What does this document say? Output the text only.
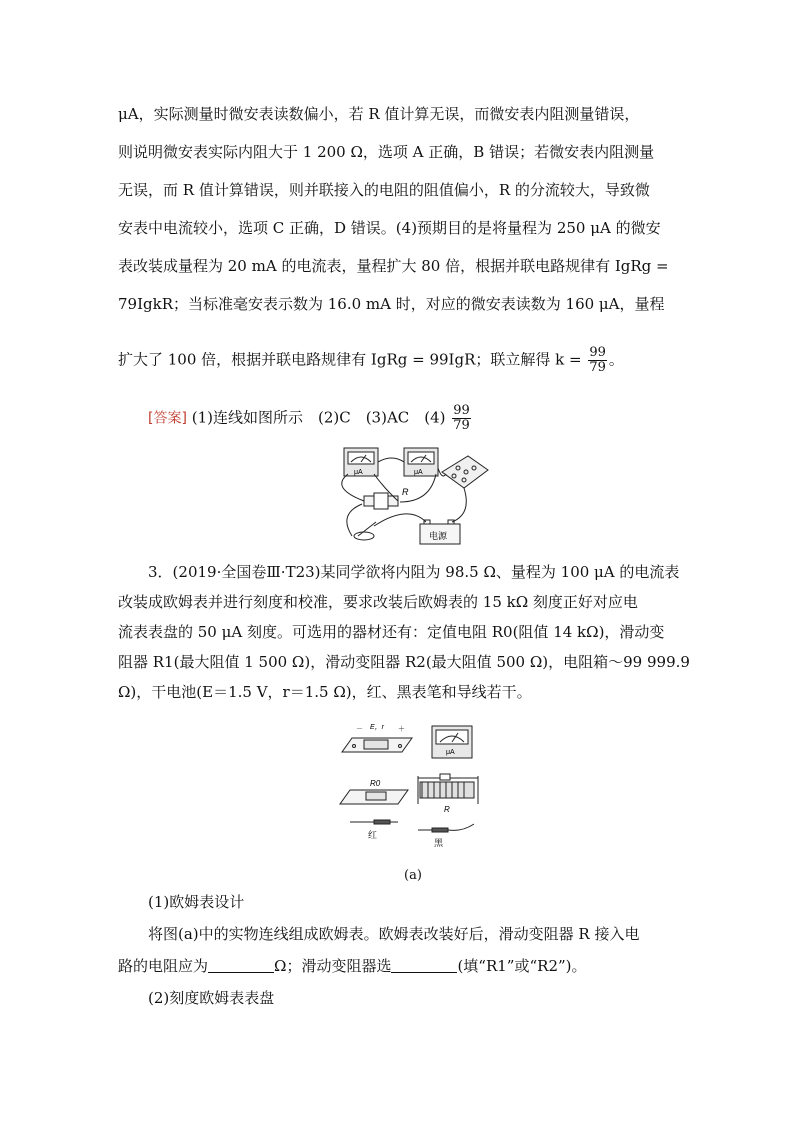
μA，实际测量时微安表读数偏小，若 R 值计算无误，而微安表内阻测量错误，
则说明微安表实际内阻大于 1 200 Ω，选项 A 正确，B 错误；若微安表内阻测量
无误，而 R 值计算错误，则并联接入的电阻的阻值偏小，R 的分流较大，导致微
安表中电流较小，选项 C 正确，D 错误。(4)预期目的是将量程为 250 μA 的微安
表改装成量程为 20 mA 的电流表，量程扩大 80 倍，根据并联电路规律有 IgRg =
79IgkR；当标准毫安表示数为 16.0 mA 时，对应的微安表读数为 160 μA，量程
扩大了 100 倍，根据并联电路规律有 IgRg = 99IgR；联立解得 $k = \frac{99}{79}$ 。
[答案] (1)连线如图所示　(2)C　(3)AC　$(4) \frac{99}{79}$
μA	μA
R
电源
3．(2019·全国卷Ⅲ·T23)某同学欲将内阻为 98.5 Ω、量程为 100 μA 的电流表
改装成欧姆表并进行刻度和校准，要求改装后欧姆表的 15 kΩ 刻度正好对应电
流表表盘的 50 μA 刻度。可选用的器材还有：定值电阻 R0(阻值 14 kΩ)，滑动变
阻器 R1(最大阻值 1 500 Ω)，滑动变阻器 R2(最大阻值 500 Ω)，电阻箱～99 999.9
Ω)，干电池(E＝1.5 V，r＝1.5 Ω)，红、黑表笔和导线若干。
－ E，r ＋
μA
R0
R
红
黑
(a)
(1)欧姆表设计
将图(a)中的实物连线组成欧姆表。欧姆表改装好后，滑动变阻器 R 接入电
路的电阻应为	Ω；滑动变阻器选	(填“R1”或“R2”)。
(2)刻度欧姆表表盘
